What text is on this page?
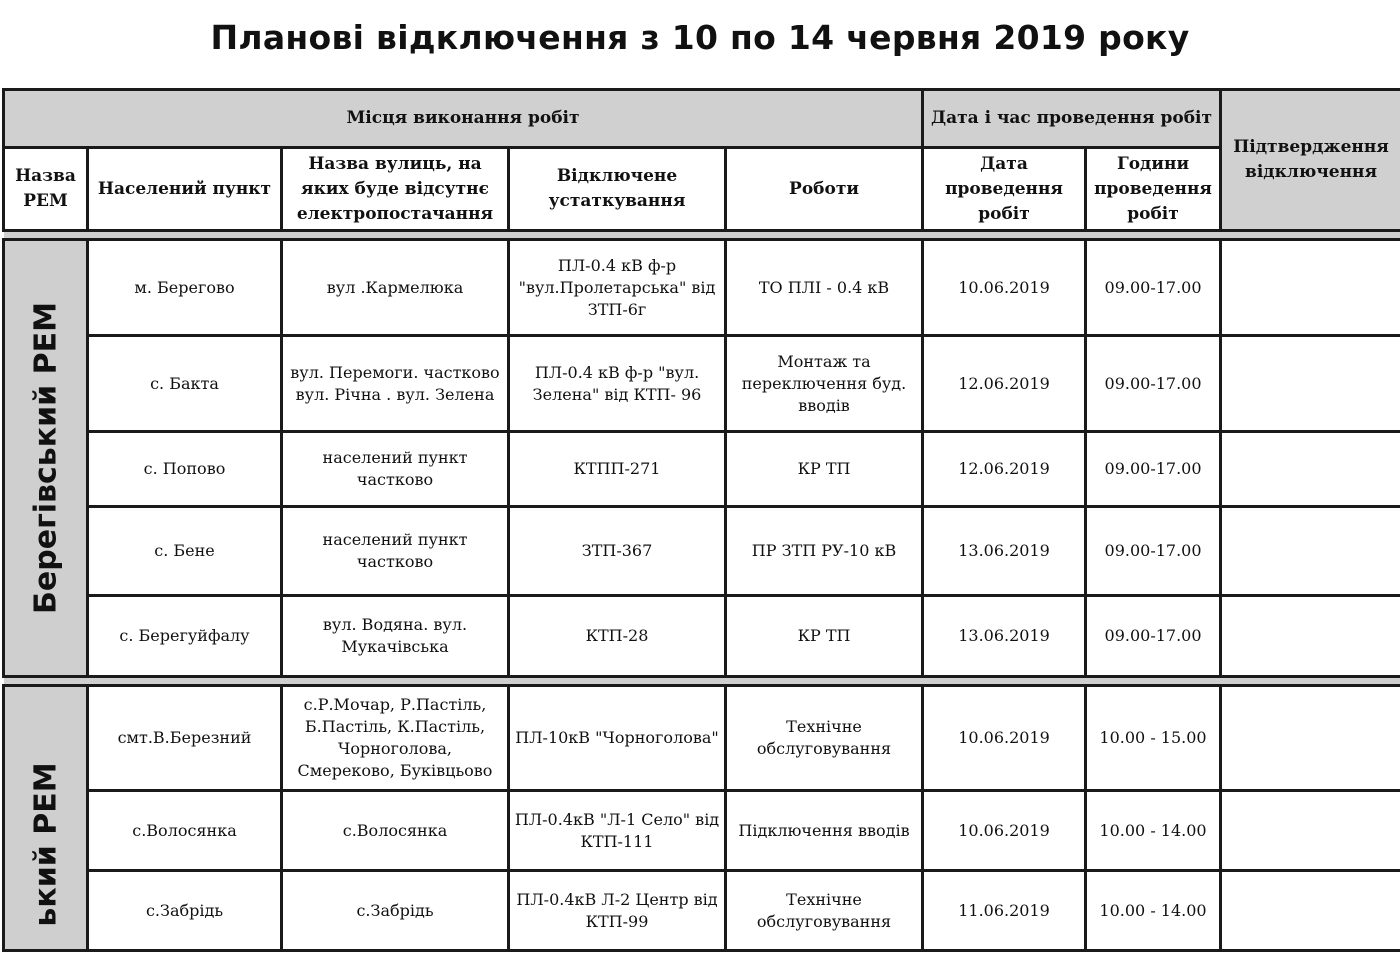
Планові відключення з 10 по 14 червня 2019 року
Місця виконання робіт					Дата і час проведення робіт		Підтвердження відключення
Назва РЕМ	Населений пункт	Назва вулиць, на яких буде відсутнє електропостачання	Відключене устаткування	Роботи	Дата проведення робіт	Години проведення робіт	

Берегівський РЕМ	м. Берегово	вул .Кармелюка	ПЛ-0.4 кВ ф-р "вул.Пролетарська" від ЗТП-6г	ТО ПЛІ - 0.4 кВ	10.06.2019	09.00-17.00	
	с. Бакта	вул. Перемоги. частково вул. Річна . вул. Зелена	ПЛ-0.4 кВ ф-р "вул. Зелена" від КТП- 96	Монтаж та переключення буд. вводів	12.06.2019	09.00-17.00	
	с. Попово	населений пункт частково	КТПП-271	КР ТП	12.06.2019	09.00-17.00	
	с. Бене	населений пункт частково	ЗТП-367	ПР ЗТП РУ-10 кВ	13.06.2019	09.00-17.00	
	с. Берегуйфалу	вул. Водяна. вул. Мукачівська	КТП-28	КР ТП	13.06.2019	09.00-17.00	

ький РЕМ	смт.В.Березний	с.Р.Мочар, Р.Пастіль, Б.Пастіль, К.Пастіль, Чорноголова, Смереково, Буківцьово	ПЛ-10кВ "Чорноголова"	Технічне обслуговування	10.06.2019	10.00 - 15.00	
	с.Волосянка	с.Волосянка	ПЛ-0.4кВ "Л-1 Село" від КТП-111	Підключення вводів	10.06.2019	10.00 - 14.00	
	с.Забрідь	с.Забрідь	ПЛ-0.4кВ Л-2 Центр від КТП-99	Технічне обслуговування	11.06.2019	10.00 - 14.00	
